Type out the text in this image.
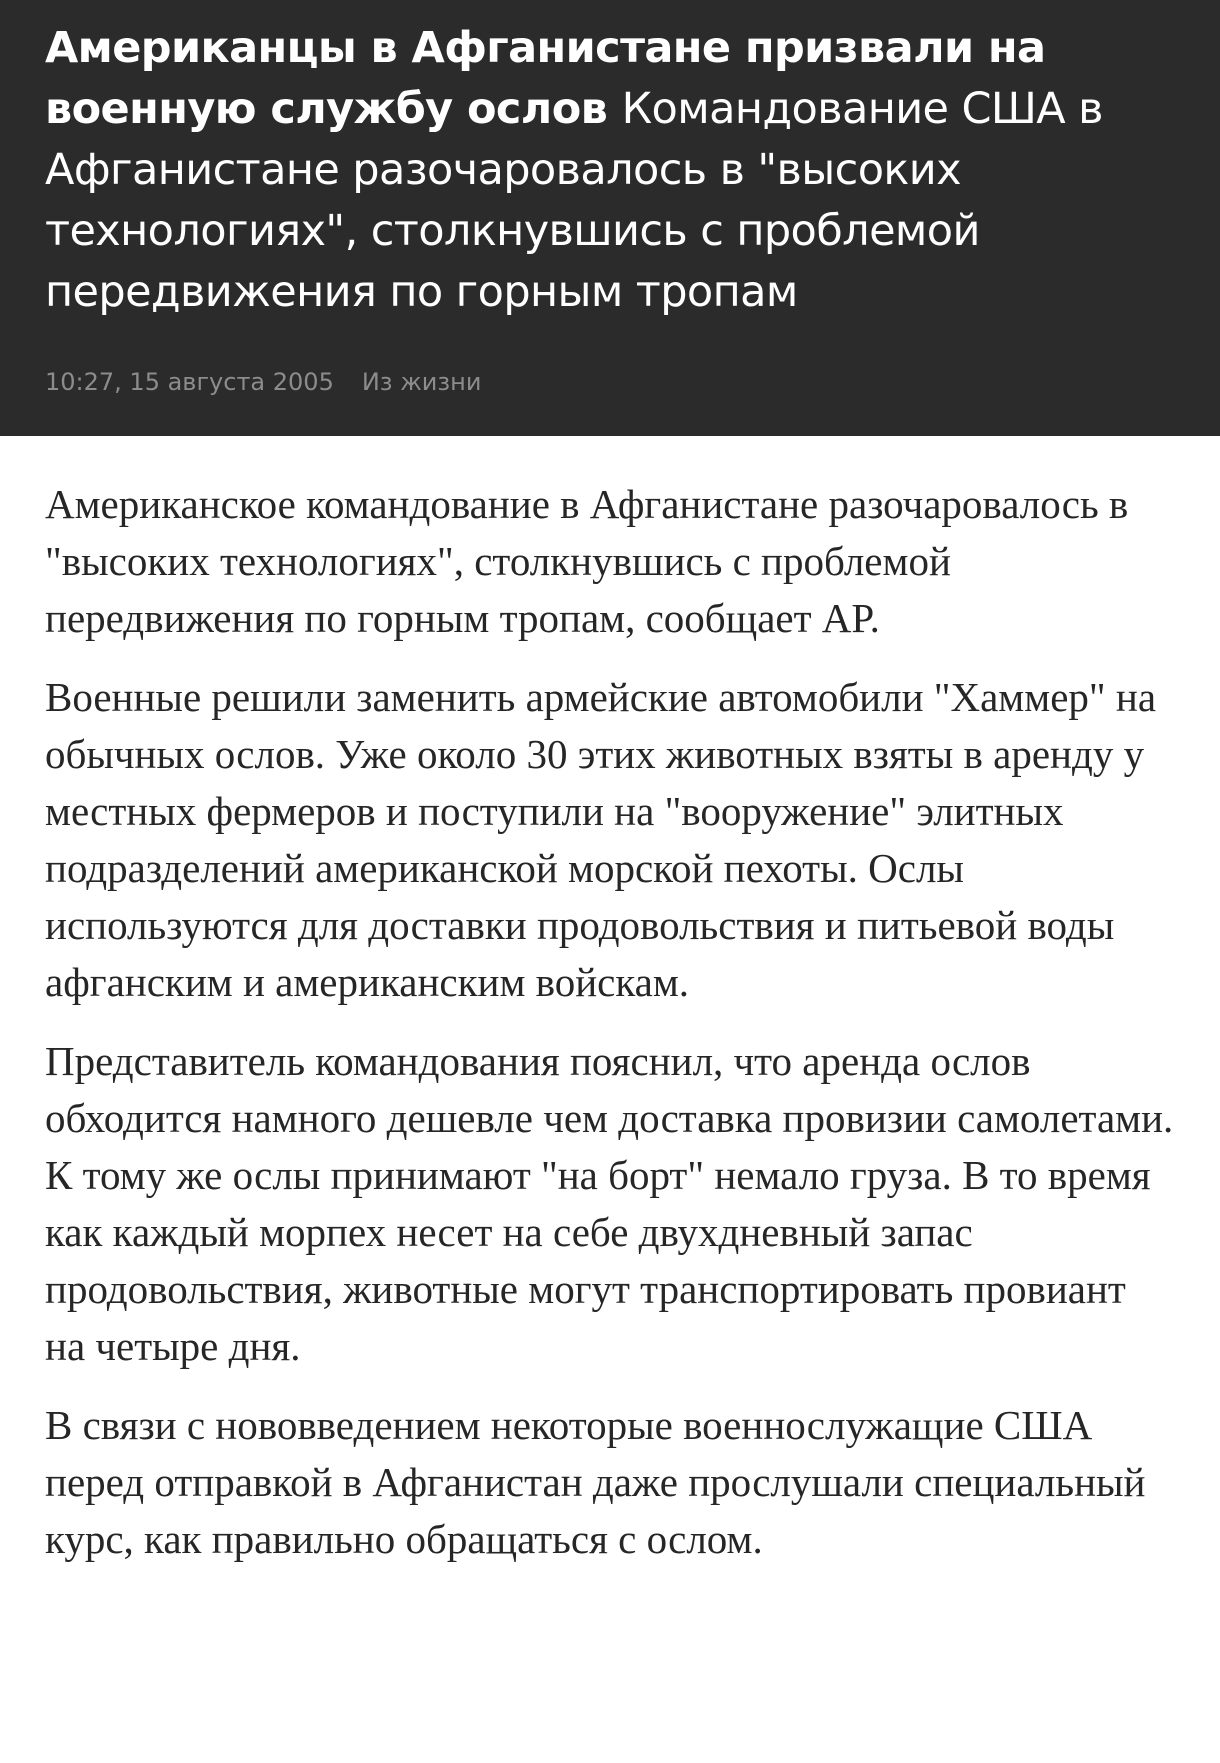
Американцы в Афганистане призвали на военную службу ослов Командование США в Афганистане разочаровалось в "высоких технологиях", столкнувшись с проблемой передвижения по горным тропам
10:27, 15 августа 2005 Из жизни

Американское командование в Афганистане разочаровалось в "высоких технологиях", столкнувшись с проблемой передвижения по горным тропам, сообщает AP.

Военные решили заменить армейские автомобили "Хаммер" на обычных ослов. Уже около 30 этих животных взяты в аренду у местных фермеров и поступили на "вооружение" элитных подразделений американской морской пехоты. Ослы используются для доставки продовольствия и питьевой воды афганским и американским войскам.

Представитель командования пояснил, что аренда ослов обходится намного дешевле чем доставка провизии самолетами. К тому же ослы принимают "на борт" немало груза. В то время как каждый морпех несет на себе двухдневный запас продовольствия, животные могут транспортировать провиант на четыре дня.

В связи с нововведением некоторые военнослужащие США перед отправкой в Афганистан даже прослушали специальный курс, как правильно обращаться с ослом.
